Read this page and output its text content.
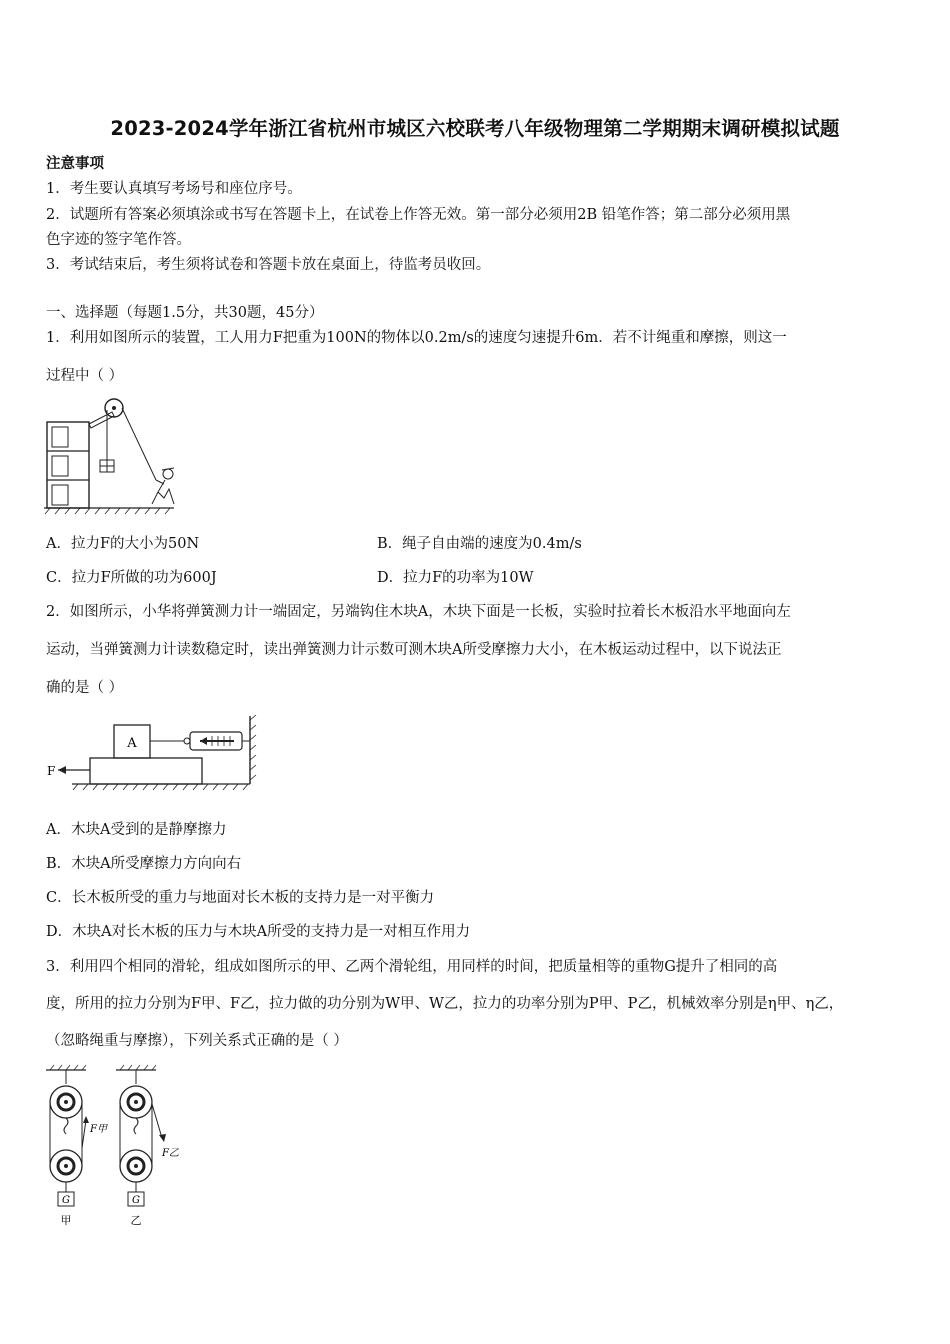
2023-2024学年浙江省杭州市城区六校联考八年级物理第二学期期末调研模拟试题
注意事项
1．考生要认真填写考场号和座位序号。
2．试题所有答案必须填涂或书写在答题卡上，在试卷上作答无效。第一部分必须用2B 铅笔作答；第二部分必须用黑
色字迹的签字笔作答。
3．考试结束后，考生须将试卷和答题卡放在桌面上，待监考员收回。
一、选择题（每题1.5分，共30题，45分）
1．利用如图所示的装置，工人用力F把重为100N的物体以0.2m/s的速度匀速提升6m．若不计绳重和摩擦，则这一
过程中（ ）
A．拉力F的大小为50N	B．绳子自由端的速度为0.4m/s
C．拉力F所做的功为600J	D．拉力F的功率为10W
2．如图所示，小华将弹簧测力计一端固定，另端钩住木块A，木块下面是一长板，实验时拉着长木板沿水平地面向左
运动，当弹簧测力计读数稳定时，读出弹簧测力计示数可测木块A所受摩擦力大小，在木板运动过程中，以下说法正
确的是（ ）
A
F
A．木块A受到的是静摩擦力
B．木块A所受摩擦力方向向右
C．长木板所受的重力与地面对长木板的支持力是一对平衡力
D．木块A对长木板的压力与木块A所受的支持力是一对相互作用力
3．利用四个相同的滑轮，组成如图所示的甲、乙两个滑轮组，用同样的时间，把质量相等的重物G提升了相同的高
度，所用的拉力分别为F甲、F乙，拉力做的功分别为W甲、W乙，拉力的功率分别为P甲、P乙，机械效率分别是η甲、η乙，
（忽略绳重与摩擦），下列关系式正确的是（ ）
G
F甲
甲
G
F乙
乙
